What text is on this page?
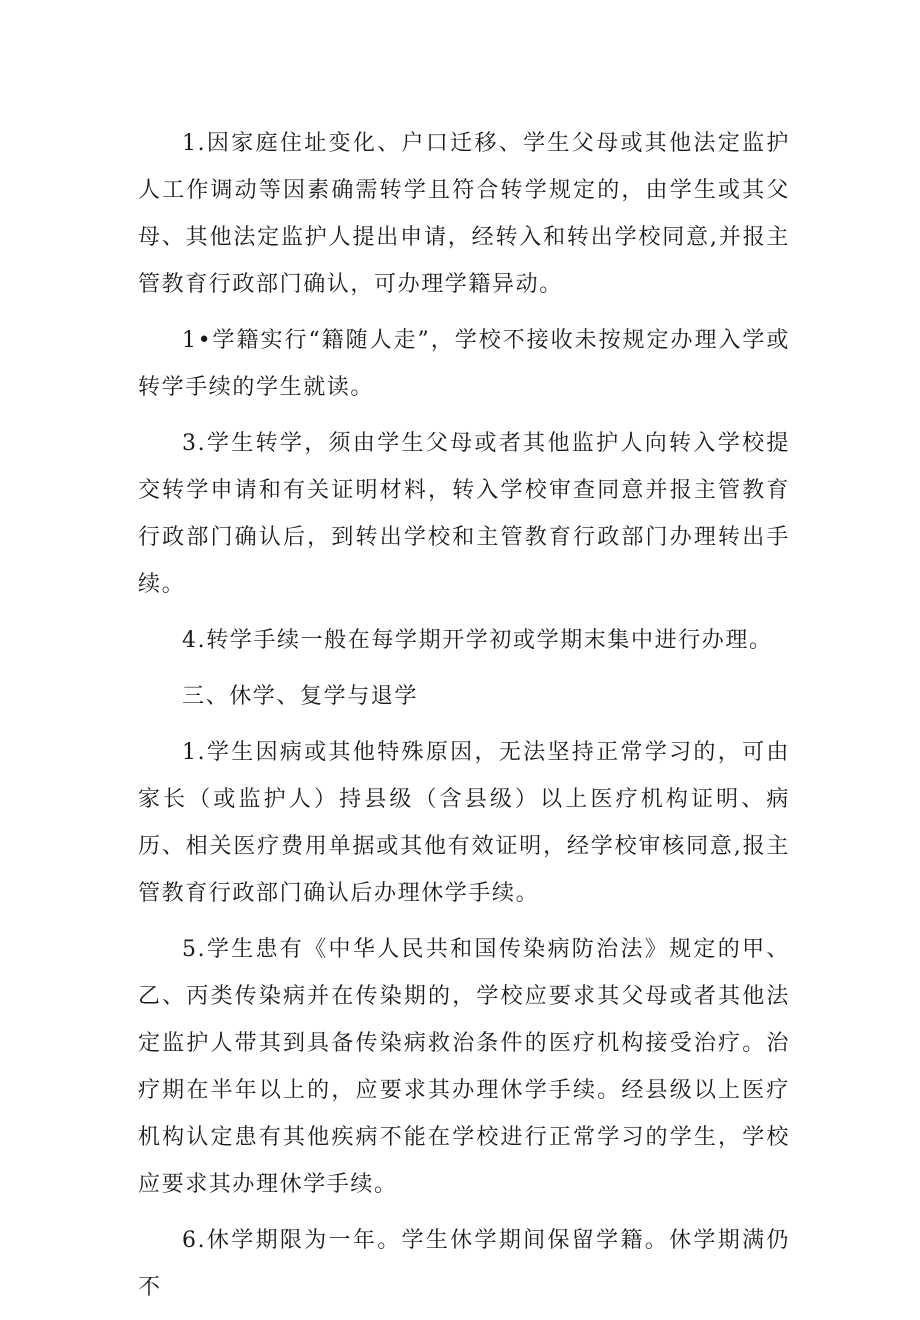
1.因家庭住址变化、户口迁移、学生父母或其他法定监护人工作调动等因素确需转学且符合转学规定的，由学生或其父母、其他法定监护人提出申请，经转入和转出学校同意,并报主管教育行政部门确认，可办理学籍异动。

1•学籍实行“籍随人走”，学校不接收未按规定办理入学或转学手续的学生就读。

3.学生转学，须由学生父母或者其他监护人向转入学校提交转学申请和有关证明材料，转入学校审查同意并报主管教育行政部门确认后，到转出学校和主管教育行政部门办理转出手续。

4.转学手续一般在每学期开学初或学期末集中进行办理。

三、休学、复学与退学

1.学生因病或其他特殊原因，无法坚持正常学习的，可由家长（或监护人）持县级（含县级）以上医疗机构证明、病历、相关医疗费用单据或其他有效证明，经学校审核同意,报主管教育行政部门确认后办理休学手续。

5.学生患有《中华人民共和国传染病防治法》规定的甲、乙、丙类传染病并在传染期的，学校应要求其父母或者其他法定监护人带其到具备传染病救治条件的医疗机构接受治疗。治疗期在半年以上的，应要求其办理休学手续。经县级以上医疗机构认定患有其他疾病不能在学校进行正常学习的学生，学校应要求其办理休学手续。

6.休学期限为一年。学生休学期间保留学籍。休学期满仍不
